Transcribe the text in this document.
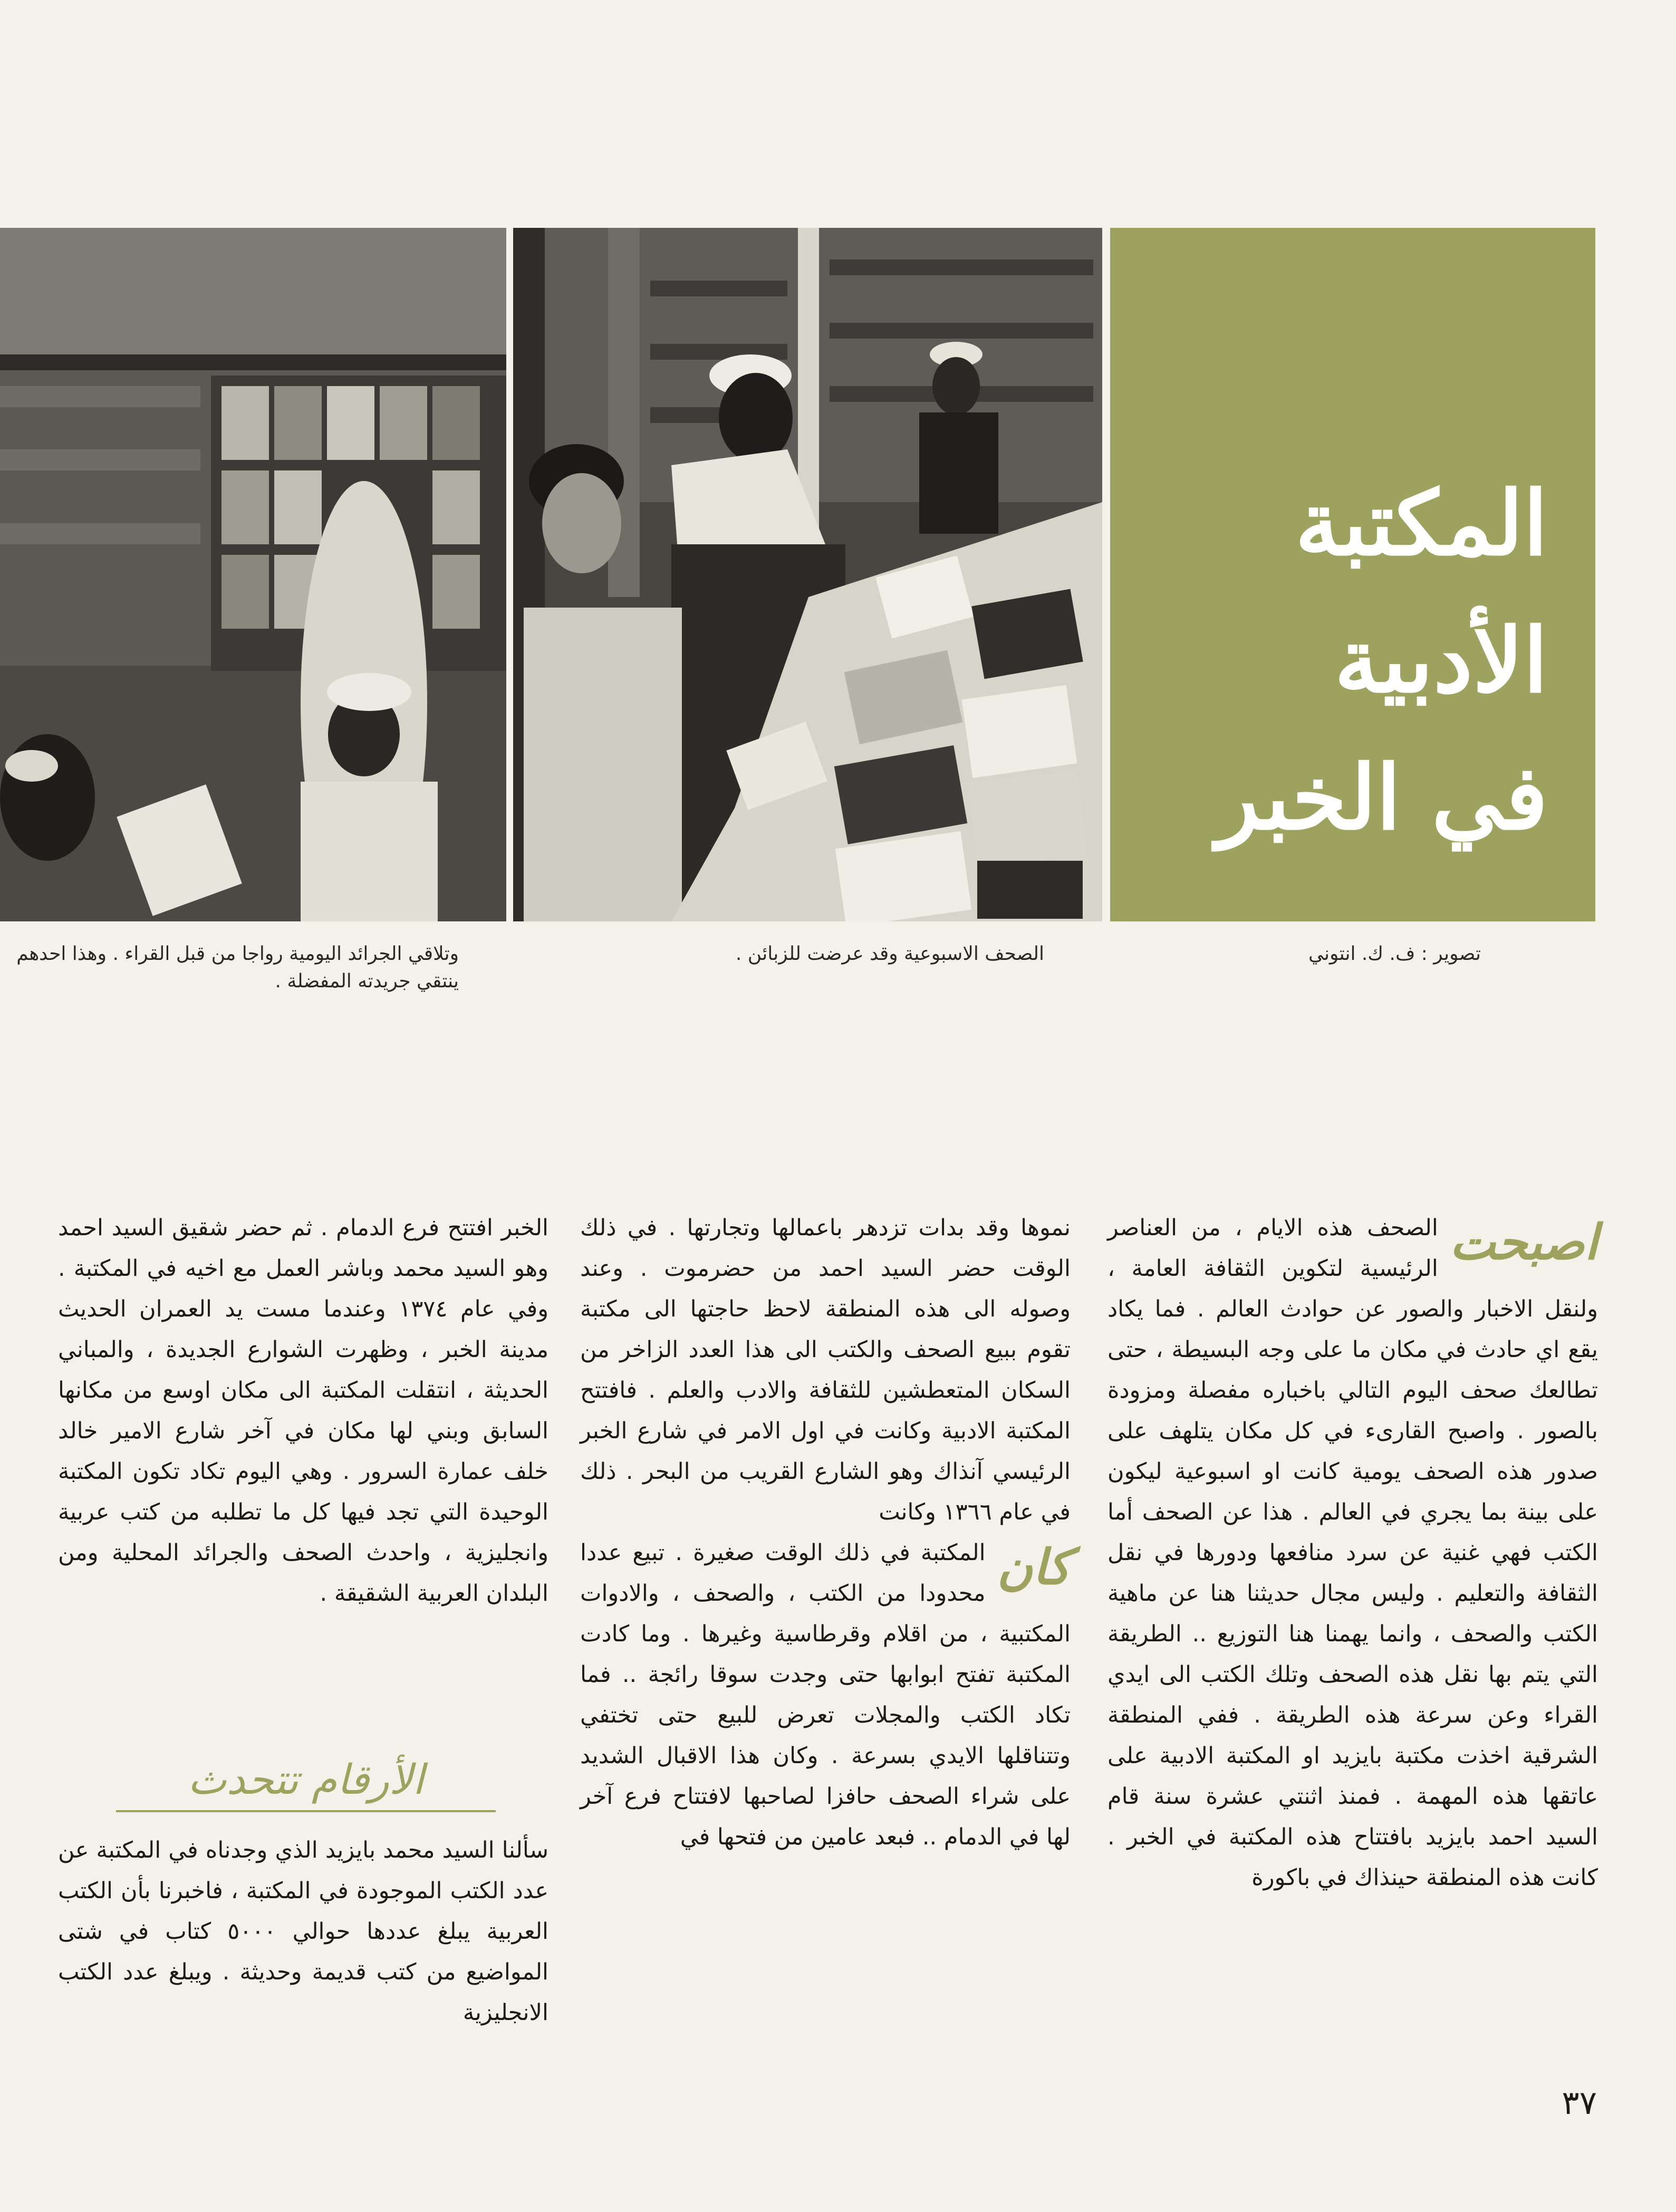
المكتبة الأدبية
في الخبر
تصوير : ف. ك. انتوني
الصحف الاسبوعية وقد عرضت للزبائن .
وتلاقي الجرائد اليومية رواجا من قبل القراء . وهذا احدهم ينتقي جريدته المفضلة .
اصبحت

الصحف هذه الايام ، من العناصر الرئيسية لتكوين الثقافة العامة ، ولنقل الاخبار والصور عن حوادث العالم . فما يكاد يقع اي حادث في مكان ما على وجه البسيطة ، حتى تطالعك صحف اليوم التالي باخباره مفصلة ومزودة بالصور . واصبح القارىء في كل مكان يتلهف على صدور هذه الصحف يومية كانت او اسبوعية ليكون على بينة بما يجري في العالم . هذا عن الصحف أما الكتب فهي غنية عن سرد منافعها ودورها في نقل الثقافة والتعليم . وليس مجال حديثنا هنا عن ماهية الكتب والصحف ، وانما يهمنا هنا التوزيع .. الطريقة التي يتم بها نقل هذه الصحف وتلك الكتب الى ايدي القراء وعن سرعة هذه الطريقة . ففي المنطقة الشرقية اخذت مكتبة بايزيد او المكتبة الادبية على عاتقها هذه المهمة . فمنذ اثنتي عشرة سنة قام السيد احمد بايزيد بافتتاح هذه المكتبة في الخبر . كانت هذه المنطقة حينذاك في باكورة

نموها وقد بدات تزدهر باعمالها وتجارتها . في ذلك الوقت حضر السيد احمد من حضرموت . وعند وصوله الى هذه المنطقة لاحظ حاجتها الى مكتبة تقوم ببيع الصحف والكتب الى هذا العدد الزاخر من السكان المتعطشين للثقافة والادب والعلم . فافتتح المكتبة الادبية وكانت في اول الامر في شارع الخبر الرئيسي آنذاك وهو الشارع القريب من البحر . ذلك في عام ١٣٦٦ وكانت

كان

المكتبة في ذلك الوقت صغيرة . تبيع عددا محدودا من الكتب ، والصحف ، والادوات المكتبية ، من اقلام وقرطاسية وغيرها . وما كادت المكتبة تفتح ابوابها حتى وجدت سوقا رائجة .. فما تكاد الكتب والمجلات تعرض للبيع حتى تختفي وتتناقلها الايدي بسرعة . وكان هذا الاقبال الشديد على شراء الصحف حافزا لصاحبها لافتتاح فرع آخر لها في الدمام .. فبعد عامين من فتحها في

الخبر افتتح فرع الدمام . ثم حضر شقيق السيد احمد وهو السيد محمد وباشر العمل مع اخيه في المكتبة . وفي عام ١٣٧٤ وعندما مست يد العمران الحديث مدينة الخبر ، وظهرت الشوارع الجديدة ، والمباني الحديثة ، انتقلت المكتبة الى مكان اوسع من مكانها السابق وبني لها مكان في آخر شارع الامير خالد خلف عمارة السرور . وهي اليوم تكاد تكون المكتبة الوحيدة التي تجد فيها كل ما تطلبه من كتب عربية وانجليزية ، واحدث الصحف والجرائد المحلية ومن البلدان العربية الشقيقة .

الأرقام تتحدث

سألنا السيد محمد بايزيد الذي وجدناه في المكتبة عن عدد الكتب الموجودة في المكتبة ، فاخبرنا بأن الكتب العربية يبلغ عددها حوالي ٥٠٠٠ كتاب في شتى المواضيع من كتب قديمة وحديثة . ويبلغ عدد الكتب الانجليزية

٣٧
